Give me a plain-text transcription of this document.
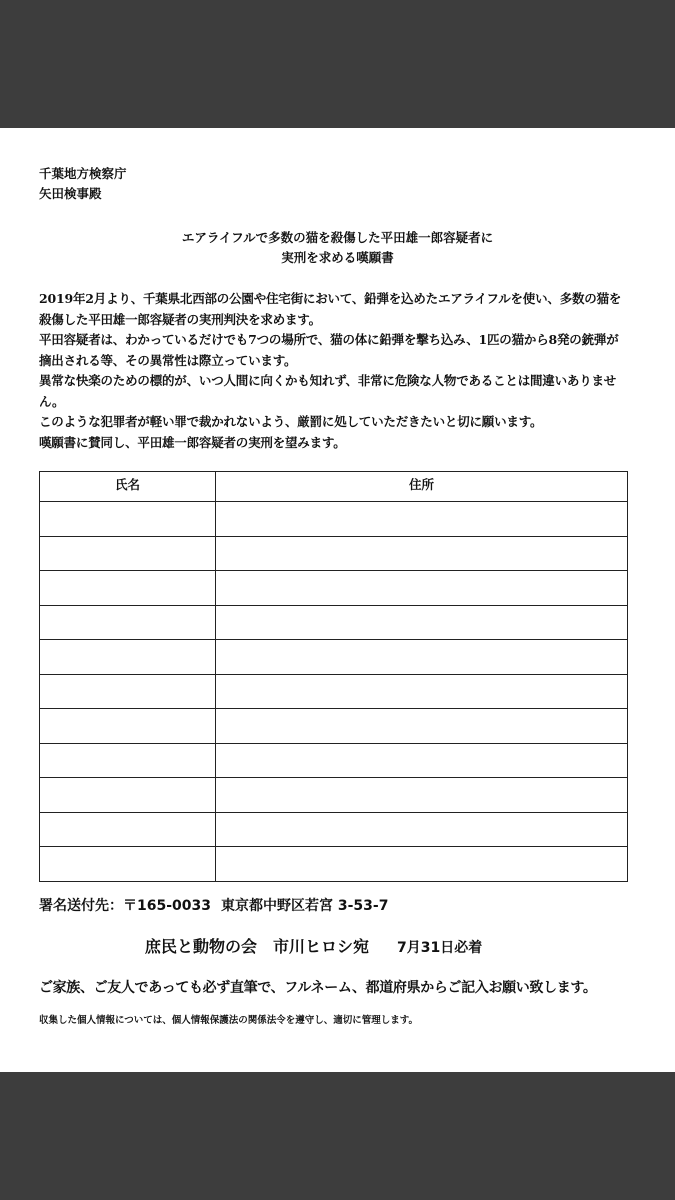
千葉地方検察庁
矢田検事殿
エアライフルで多数の猫を殺傷した平田雄一郎容疑者に
実刑を求める嘆願書

2019年2月より、千葉県北西部の公園や住宅街において、鉛弾を込めたエアライフルを使い、多数の猫を

殺傷した平田雄一郎容疑者の実刑判決を求めます。

平田容疑者は、わかっているだけでも7つの場所で、猫の体に鉛弾を撃ち込み、1匹の猫から8発の銃弾が

摘出される等、その異常性は際立っています。

異常な快楽のための標的が、いつ人間に向くかも知れず、非常に危険な人物であることは間違いありませ

ん。

このような犯罪者が軽い罪で裁かれないよう、厳罰に処していただきたいと切に願います。

嘆願書に賛同し、平田雄一郎容疑者の実刑を望みます。

氏名	住所

署名送付先：〒165-0033 東京都中野区若宮 3-53-7
庶民と動物の会　市川ヒロシ宛 7月31日必着
ご家族、ご友人であっても必ず直筆で、フルネーム、都道府県からご記入お願い致します。
収集した個人情報については、個人情報保護法の関係法令を遵守し、適切に管理します。
